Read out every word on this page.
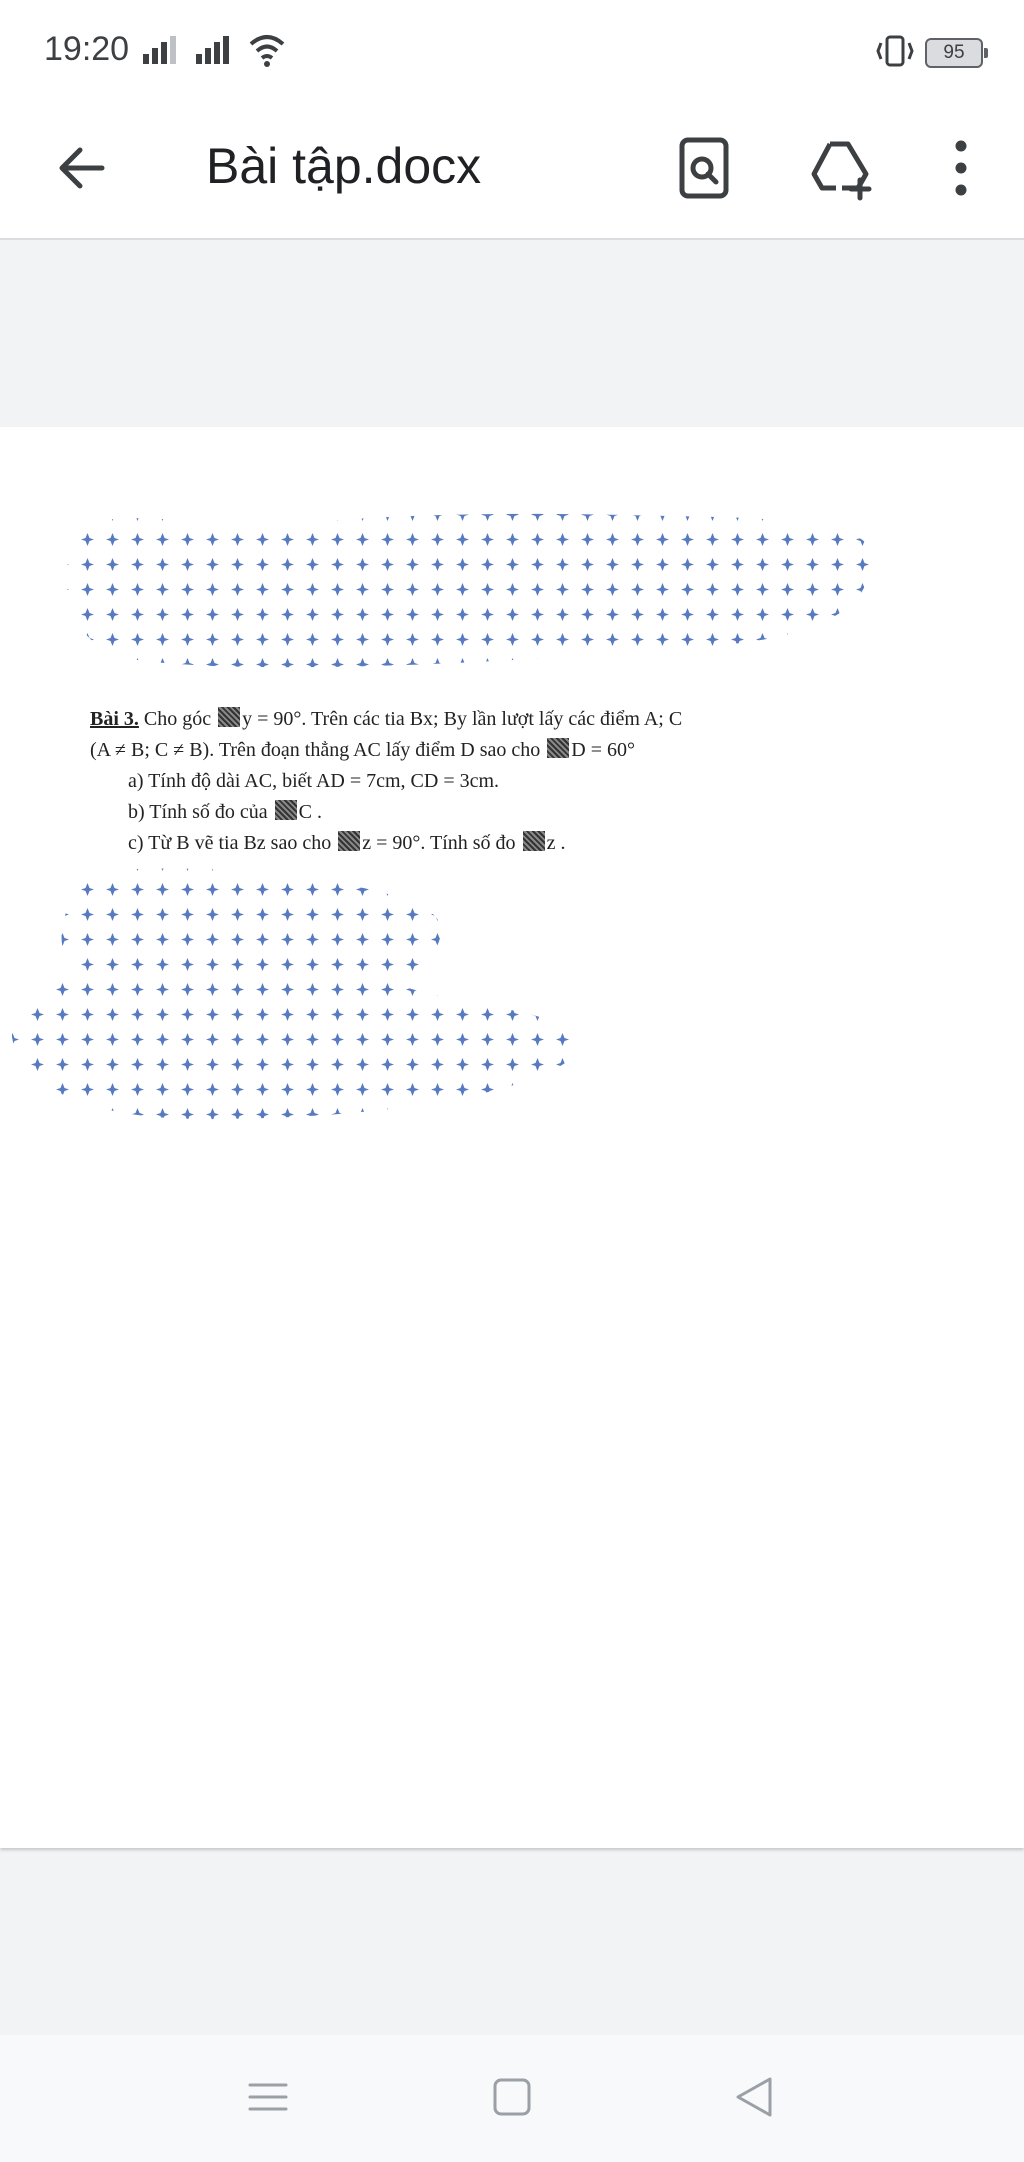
19:20	95
Bài tập.docx
Bài 3. Cho góc y = 90°. Trên các tia Bx; By lần lượt lấy các điểm A; C
(A ≠ B; C ≠ B). Trên đoạn thẳng AC lấy điểm D sao cho D = 60°
a) Tính độ dài AC, biết AD = 7cm, CD = 3cm.
b) Tính số đo của C .
c) Từ B vẽ tia Bz sao cho z = 90°. Tính số đo z .
